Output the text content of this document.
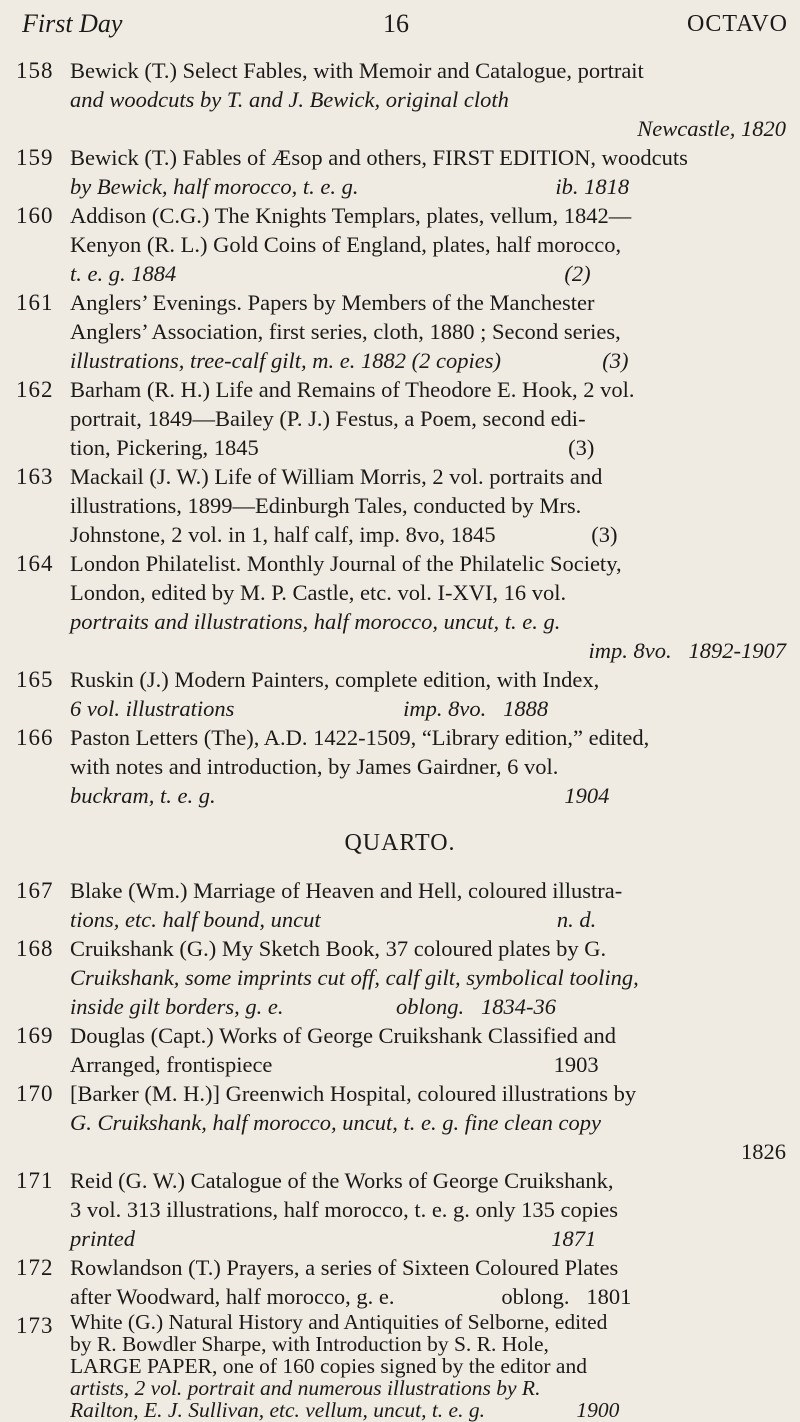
First Day	16	OCTAVO
158 Bewick (T.) Select Fables, with Memoir and Catalogue, portrait
and woodcuts by T. and J. Bewick, original cloth
Newcastle, 1820
159 Bewick (T.) Fables of Æsop and others, FIRST EDITION, woodcuts
by Bewick, half morocco, t. e. g.                                   ib. 1818
160 Addison (C.G.) The Knights Templars, plates, vellum, 1842—
Kenyon (R. L.) Gold Coins of England, plates, half morocco,
t. e. g. 1884                                                                     (2)
161 Anglers’ Evenings. Papers by Members of the Manchester
Anglers’ Association, first series, cloth, 1880 ; Second series,
illustrations, tree-calf gilt, m. e. 1882 (2 copies)                  (3)
162 Barham (R. H.) Life and Remains of Theodore E. Hook, 2 vol.
portrait, 1849—Bailey (P. J.) Festus, a Poem, second edi-
tion, Pickering, 1845                                                       (3)
163 Mackail (J. W.) Life of William Morris, 2 vol. portraits and
illustrations, 1899—Edinburgh Tales, conducted by Mrs.
Johnstone, 2 vol. in 1, half calf, imp. 8vo, 1845                 (3)
164 London Philatelist. Monthly Journal of the Philatelic Society,
London, edited by M. P. Castle, etc. vol. I-XVI, 16 vol.
portraits and illustrations, half morocco, uncut, t. e. g.
imp. 8vo.   1892-1907
165 Ruskin (J.) Modern Painters, complete edition, with Index,
6 vol. illustrations                              imp. 8vo.   1888
166 Paston Letters (The), A.D. 1422-1509, “Library edition,” edited,
with notes and introduction, by James Gairdner, 6 vol.
buckram, t. e. g.                                                              1904
QUARTO.
167 Blake (Wm.) Marriage of Heaven and Hell, coloured illustra-
tions, etc. half bound, uncut                                          n. d.
168 Cruikshank (G.) My Sketch Book, 37 coloured plates by G.
Cruikshank, some imprints cut off, calf gilt, symbolical tooling,
inside gilt borders, g. e.                    oblong.   1834-36
169 Douglas (Capt.) Works of George Cruikshank Classified and
Arranged, frontispiece                                                  1903
170 [Barker (M. H.)] Greenwich Hospital, coloured illustrations by
G. Cruikshank, half morocco, uncut, t. e. g. fine clean copy
1826
171 Reid (G. W.) Catalogue of the Works of George Cruikshank,
3 vol. 313 illustrations, half morocco, t. e. g. only 135 copies
printed                                                                          1871
172 Rowlandson (T.) Prayers, a series of Sixteen Coloured Plates
after Woodward, half morocco, g. e.                   oblong.   1801
173 White (G.) Natural History and Antiquities of Selborne, edited
by R. Bowdler Sharpe, with Introduction by S. R. Hole,
LARGE PAPER, one of 160 copies signed by the editor and
artists, 2 vol. portrait and numerous illustrations by R.
Railton, E. J. Sullivan, etc. vellum, uncut, t. e. g.                 1900
